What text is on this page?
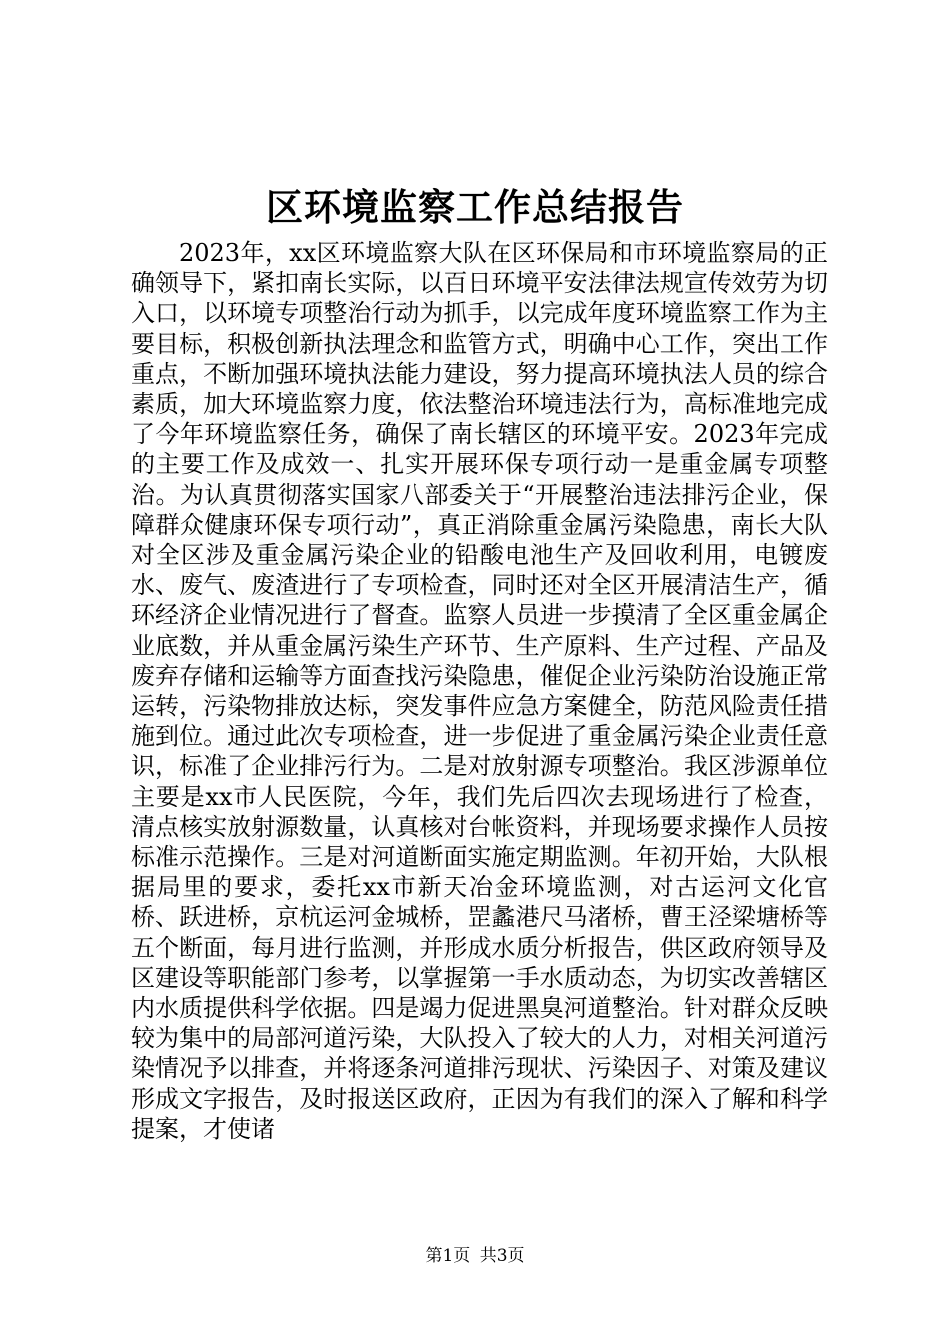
区环境监察工作总结报告

2023年，xx区环境监察大队在区环保局和市环境监察局的正确领导下，紧扣南长实际，以百日环境平安法律法规宣传效劳为切入口，以环境专项整治行动为抓手，以完成年度环境监察工作为主要目标，积极创新执法理念和监管方式，明确中心工作，突出工作重点，不断加强环境执法能力建设，努力提高环境执法人员的综合素质，加大环境监察力度，依法整治环境违法行为，高标准地完成了今年环境监察任务，确保了南长辖区的环境平安。2023年完成的主要工作及成效一、扎实开展环保专项行动一是重金属专项整治。为认真贯彻落实国家八部委关于“开展整治违法排污企业，保障群众健康环保专项行动”，真正消除重金属污染隐患，南长大队对全区涉及重金属污染企业的铅酸电池生产及回收利用，电镀废水、废气、废渣进行了专项检查，同时还对全区开展清洁生产，循环经济企业情况进行了督查。监察人员进一步摸清了全区重金属企业底数，并从重金属污染生产环节、生产原料、生产过程、产品及废弃存储和运输等方面查找污染隐患，催促企业污染防治设施正常运转，污染物排放达标，突发事件应急方案健全，防范风险责任措施到位。通过此次专项检查，进一步促进了重金属污染企业责任意识，标准了企业排污行为。二是对放射源专项整治。我区涉源单位主要是xx市人民医院，今年，我们先后四次去现场进行了检查，清点核实放射源数量，认真核对台帐资料，并现场要求操作人员按标准示范操作。三是对河道断面实施定期监测。年初开始，大队根据局里的要求，委托xx市新天冶金环境监测，对古运河文化官桥、跃进桥，京杭运河金城桥，罡蠡港尺马渚桥，曹王泾梁塘桥等五个断面，每月进行监测，并形成水质分析报告，供区政府领导及区建设等职能部门参考，以掌握第一手水质动态，为切实改善辖区内水质提供科学依据。四是竭力促进黑臭河道整治。针对群众反映较为集中的局部河道污染，大队投入了较大的人力，对相关河道污染情况予以排查，并将逐条河道排污现状、污染因子、对策及建议形成文字报告，及时报送区政府，正因为有我们的深入了解和科学提案，才使诸

第1页 共3页
